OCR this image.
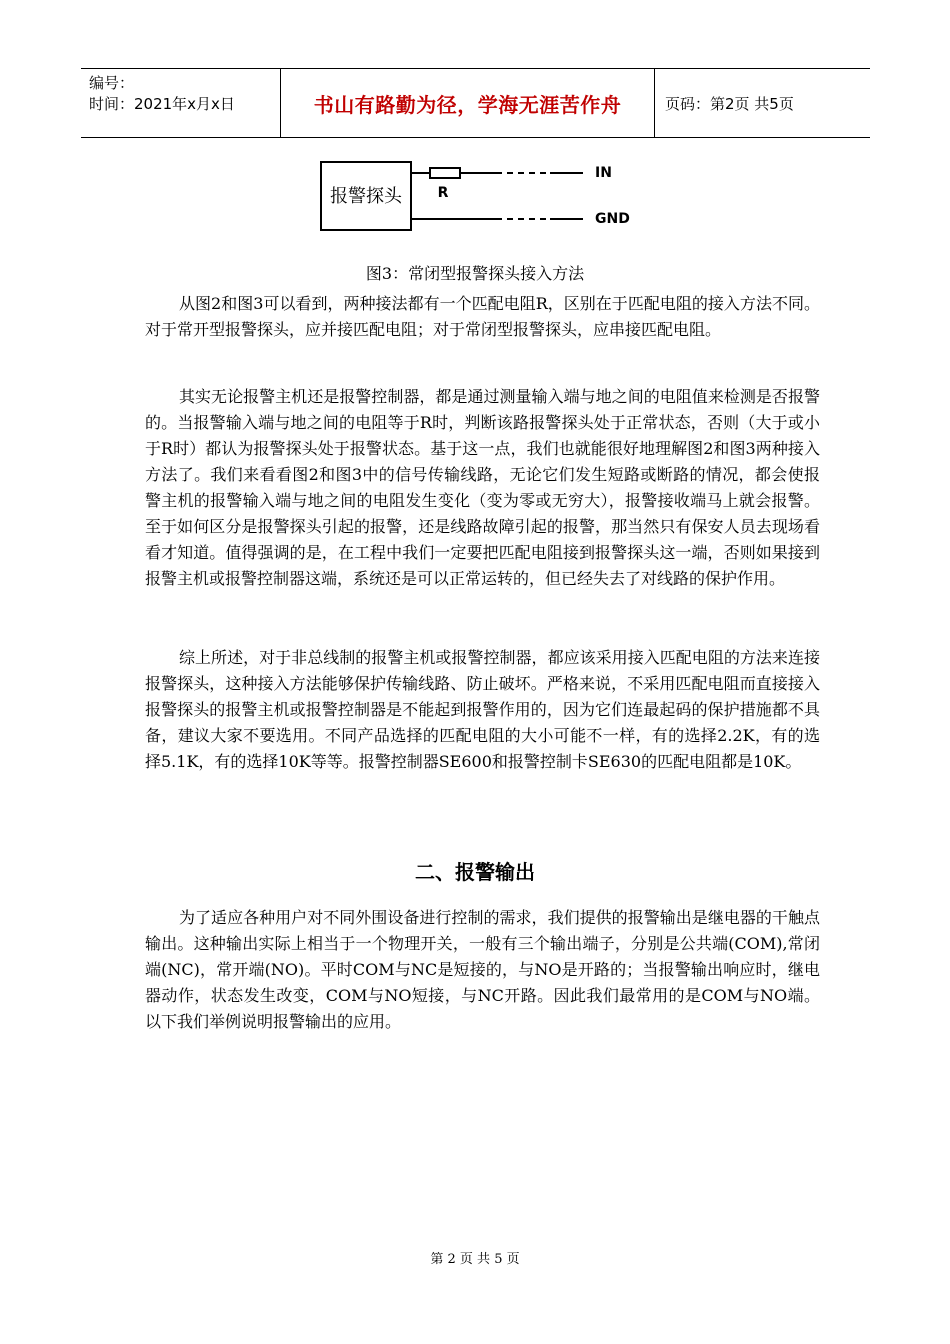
编号：
时间：2021年x月x日	书山有路勤为径，学海无涯苦作舟	页码：第2页 共5页
报警探头	R
IN
GND
图3：常闭型报警探头接入方法

从图2和图3可以看到，两种接法都有一个匹配电阻R，区别在于匹配电阻的接入方法不同。对于常开型报警探头，应并接匹配电阻；对于常闭型报警探头，应串接匹配电阻。

其实无论报警主机还是报警控制器，都是通过测量输入端与地之间的电阻值来检测是否报警的。当报警输入端与地之间的电阻等于R时，判断该路报警探头处于正常状态，否则（大于或小于R时）都认为报警探头处于报警状态。基于这一点，我们也就能很好地理解图2和图3两种接入方法了。我们来看看图2和图3中的信号传输线路，无论它们发生短路或断路的情况，都会使报警主机的报警输入端与地之间的电阻发生变化（变为零或无穷大），报警接收端马上就会报警。至于如何区分是报警探头引起的报警，还是线路故障引起的报警，那当然只有保安人员去现场看看才知道。值得强调的是，在工程中我们一定要把匹配电阻接到报警探头这一端，否则如果接到报警主机或报警控制器这端，系统还是可以正常运转的，但已经失去了对线路的保护作用。

综上所述，对于非总线制的报警主机或报警控制器，都应该采用接入匹配电阻的方法来连接报警探头，这种接入方法能够保护传输线路、防止破坏。严格来说，不采用匹配电阻而直接接入报警探头的报警主机或报警控制器是不能起到报警作用的，因为它们连最起码的保护措施都不具备，建议大家不要选用。不同产品选择的匹配电阻的大小可能不一样，有的选择2.2K，有的选择5.1K，有的选择10K等等。报警控制器SE600和报警控制卡SE630的匹配电阻都是10K。

二、报警输出

为了适应各种用户对不同外围设备进行控制的需求，我们提供的报警输出是继电器的干触点输出。这种输出实际上相当于一个物理开关，一般有三个输出端子，分别是公共端(COM),常闭端(NC)，常开端(NO)。平时COM与NC是短接的，与NO是开路的；当报警输出响应时，继电器动作，状态发生改变，COM与NO短接，与NC开路。因此我们最常用的是COM与NO端。以下我们举例说明报警输出的应用。

第 2 页 共 5 页
